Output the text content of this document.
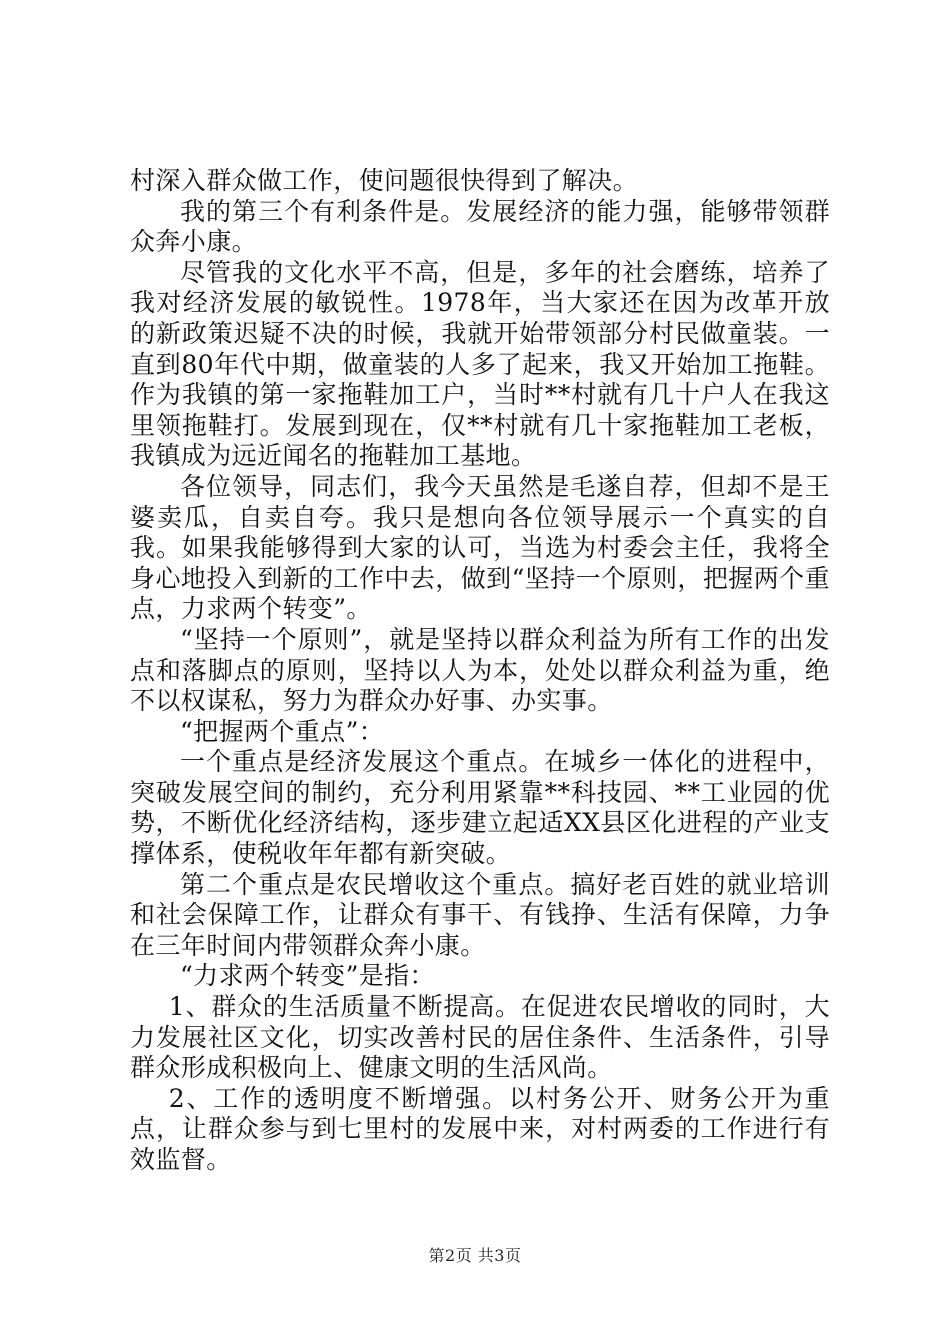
村深入群众做工作，使问题很快得到了解决。

我的第三个有利条件是。发展经济的能力强，能够带领群众奔小康。

尽管我的文化水平不高，但是，多年的社会磨练，培养了我对经济发展的敏锐性。1978年，当大家还在因为改革开放的新政策迟疑不决的时候，我就开始带领部分村民做童装。一直到80年代中期，做童装的人多了起来，我又开始加工拖鞋。作为我镇的第一家拖鞋加工户，当时**村就有几十户人在我这里领拖鞋打。发展到现在，仅**村就有几十家拖鞋加工老板，我镇成为远近闻名的拖鞋加工基地。

各位领导，同志们，我今天虽然是毛遂自荐，但却不是王婆卖瓜，自卖自夸。我只是想向各位领导展示一个真实的自我。如果我能够得到大家的认可，当选为村委会主任，我将全身心地投入到新的工作中去，做到“坚持一个原则，把握两个重点，力求两个转变”。

“坚持一个原则”，就是坚持以群众利益为所有工作的出发点和落脚点的原则，坚持以人为本，处处以群众利益为重，绝不以权谋私，努力为群众办好事、办实事。

“把握两个重点”：

一个重点是经济发展这个重点。在城乡一体化的进程中，突破发展空间的制约，充分利用紧靠**科技园、**工业园的优势，不断优化经济结构，逐步建立起适XX县区化进程的产业支撑体系，使税收年年都有新突破。

第二个重点是农民增收这个重点。搞好老百姓的就业培训和社会保障工作，让群众有事干、有钱挣、生活有保障，力争在三年时间内带领群众奔小康。

“力求两个转变”是指：

1、群众的生活质量不断提高。在促进农民增收的同时，大力发展社区文化，切实改善村民的居住条件、生活条件，引导群众形成积极向上、健康文明的生活风尚。

2、工作的透明度不断增强。以村务公开、财务公开为重点，让群众参与到七里村的发展中来，对村两委的工作进行有效监督。

第2页 共3页
